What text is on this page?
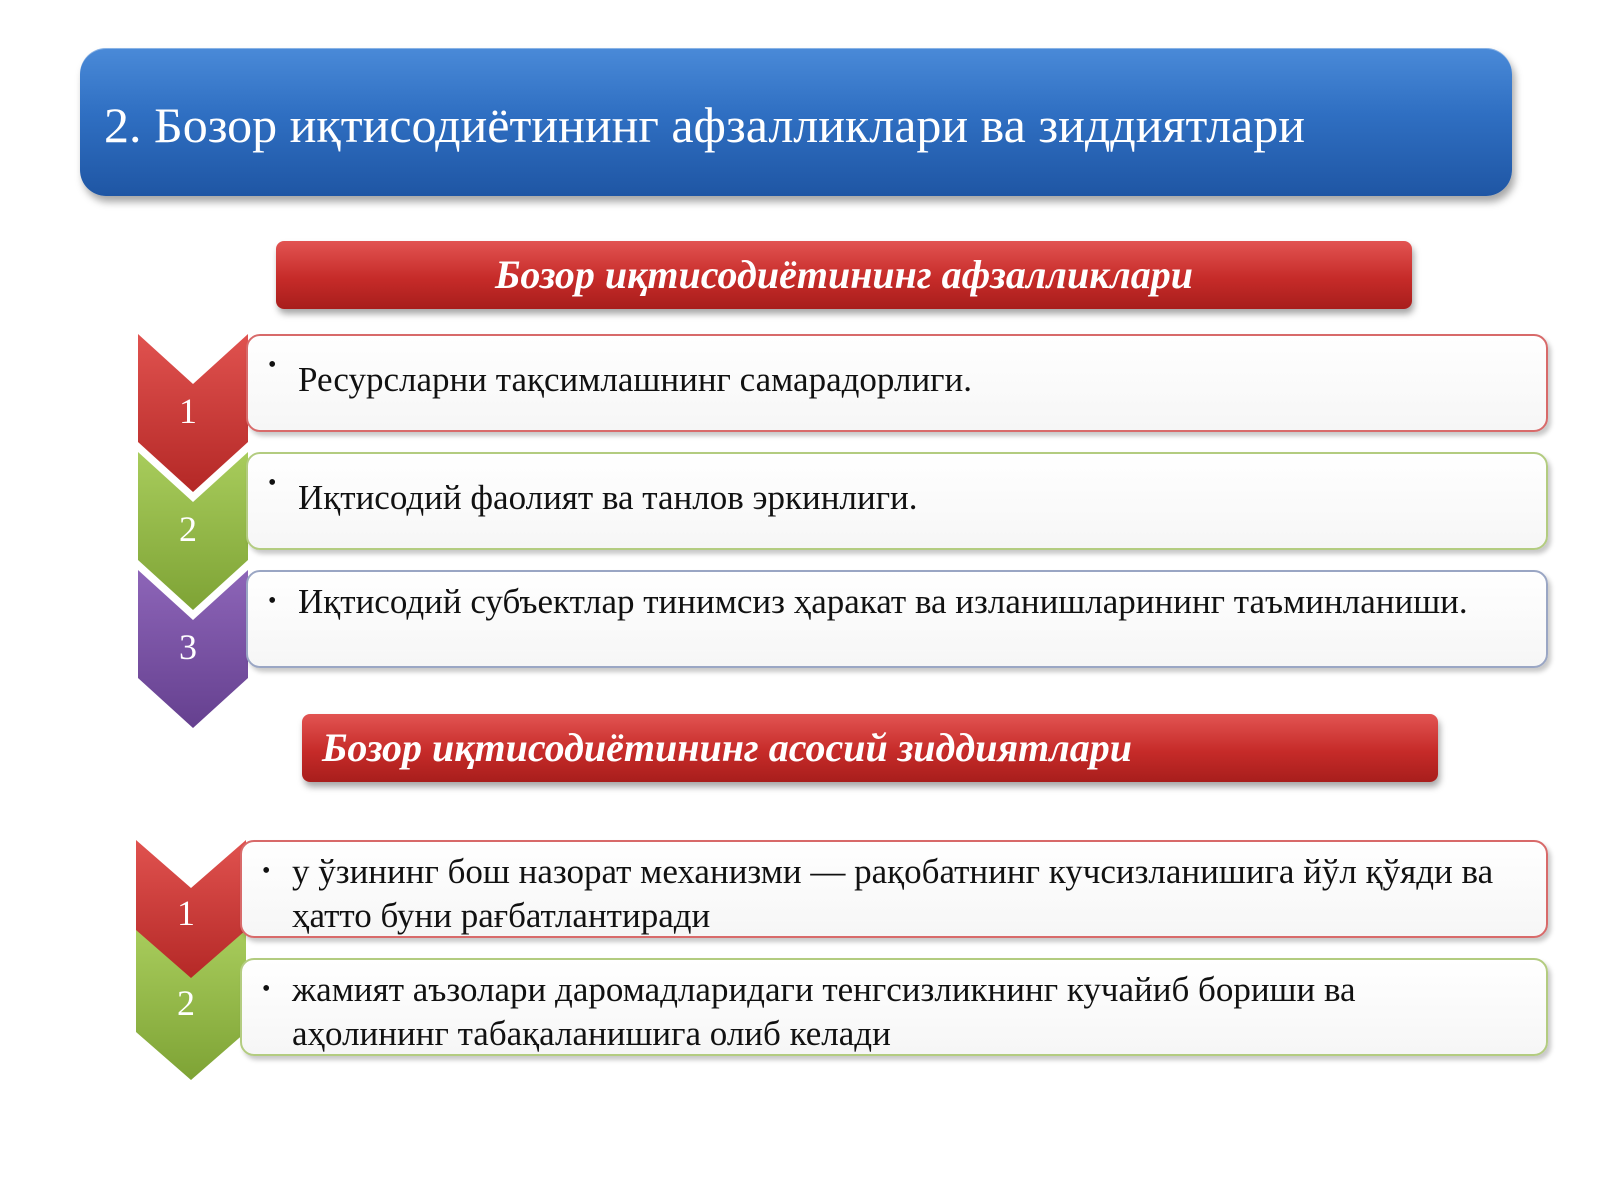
2. Бозор иқтисодиётининг афзалликлари ва зиддиятлари
Бозор иқтисодиётининг афзалликлари
1
2
3
• Ресурсларни тақсимлашнинг самарадорлиги.
• Иқтисодий фаолият ва танлов эркинлиги.
• Иқтисодий субъектлар тинимсиз ҳаракат ва изланишларининг таъминланиши.
Бозор иқтисодиётининг асосий зиддиятлари
1
2
• у ўзининг бош назорат механизми — рақобатнинг кучсизланишига йўл қўяди ва ҳатто буни рағбатлантиради
• жамият аъзолари даромадларидаги тенгсизликнинг кучайиб бориши ва аҳолининг табақаланишига олиб келади
